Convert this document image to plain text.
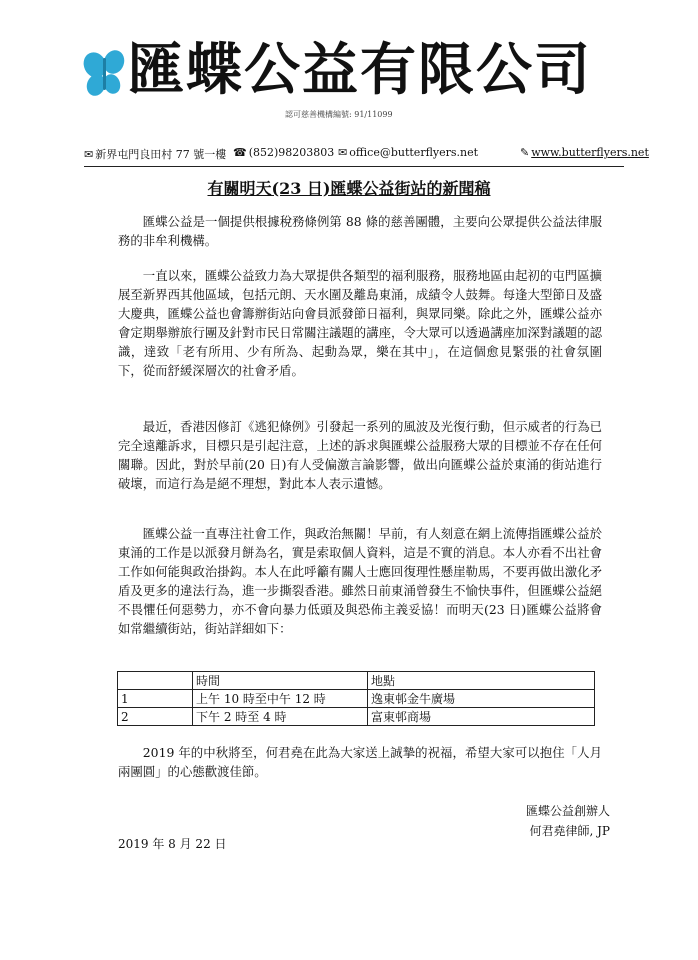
匯蝶公益有限公司
認可慈善機構編號: 91/11099
✉ 新界屯門良田村 77 號一樓 ☎ (852)98203803 ✉ office@butterflyers.net	✎ www.butterflyers.net
有關明天(23 日)匯蝶公益街站的新聞稿

匯蝶公益是一個提供根據稅務條例第 88 條的慈善團體，主要向公眾提供公益法律服務的非牟利機構。

一直以來，匯蝶公益致力為大眾提供各類型的福利服務，服務地區由起初的屯門區擴展至新界西其他區域，包括元朗、天水圍及離島東涌，成績令人鼓舞。每逢大型節日及盛大慶典，匯蝶公益也會籌辦街站向會員派發節日福利，與眾同樂。除此之外，匯蝶公益亦會定期舉辦旅行團及針對市民日常關注議題的講座，令大眾可以透過講座加深對議題的認識，達致「老有所用、少有所為、起動為眾，樂在其中」，在這個愈見緊張的社會氛圍下，從而舒緩深層次的社會矛盾。

最近，香港因修訂《逃犯條例》引發起一系列的風波及光復行動，但示威者的行為已完全遠離訴求，目標只是引起注意，上述的訴求與匯蝶公益服務大眾的目標並不存在任何關聯。因此，對於早前(20 日)有人受偏激言論影響，做出向匯蝶公益於東涌的街站進行破壞，而這行為是絕不理想，對此本人表示遺憾。

匯蝶公益一直專注社會工作，與政治無關！早前，有人刻意在網上流傳指匯蝶公益於東涌的工作是以派發月餅為名，實是索取個人資料，這是不實的消息。本人亦看不出社會工作如何能與政治掛鈎。本人在此呼籲有關人士應回復理性懸崖勒馬，不要再做出激化矛盾及更多的違法行為，進一步撕裂香港。雖然日前東涌曾發生不愉快事件，但匯蝶公益絕不畏懼任何惡勢力，亦不會向暴力低頭及與恐佈主義妥協！而明天(23 日)匯蝶公益將會如常繼續街站，街站詳細如下：

	時間	地點
1	上午 10 時至中午 12 時	逸東邨金牛廣場
2	下午 2 時至 4 時	富東邨商場

2019 年的中秋將至，何君堯在此為大家送上誠摯的祝福，希望大家可以抱住「人月兩團圓」的心態歡渡佳節。

匯蝶公益創辦人
何君堯律師, JP
2019 年 8 月 22 日
